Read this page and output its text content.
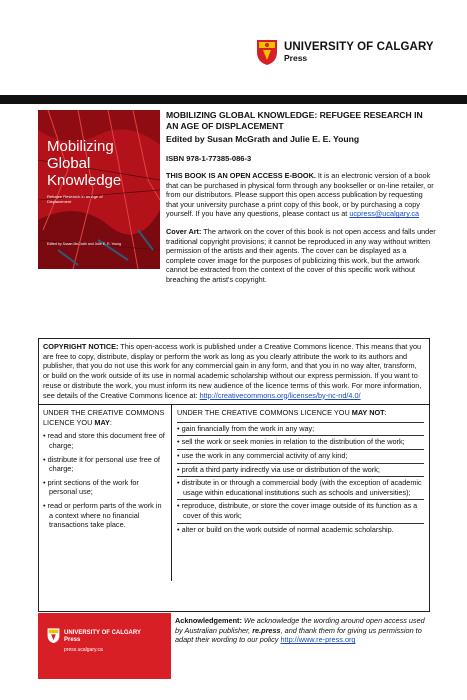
UNIVERSITY OF CALGARY
Press
Mobilizing
Global
Knowledge
Refugee Research in an Age of Displacement
Edited by Susan McGrath and Julie E. E. Young
MOBILIZING GLOBAL KNOWLEDGE: REFUGEE RESEARCH IN AN AGE OF DISPLACEMENT
Edited by Susan McGrath and Julie E. E. Young
ISBN 978-1-77385-086-3
THIS BOOK IS AN OPEN ACCESS E-BOOK. It is an electronic version of a book that can be purchased in physical form through any bookseller or on-line retailer, or from our distributors. Please support this open access publication by requesting that your university purchase a print copy of this book, or by purchasing a copy yourself. If you have any questions, please contact us at ucpress@ucalgary.ca
Cover Art: The artwork on the cover of this book is not open access and falls under traditional copyright provisions; it cannot be reproduced in any way without written permission of the artists and their agents. The cover can be displayed as a complete cover image for the purposes of publicizing this work, but the artwork cannot be extracted from the context of the cover of this specific work without breaching the artist's copyright.
COPYRIGHT NOTICE: This open-access work is published under a Creative Commons licence. This means that you are free to copy, distribute, display or perform the work as long as you clearly attribute the work to its authors and publisher, that you do not use this work for any commercial gain in any form, and that you in no way alter, transform, or build on the work outside of its use in normal academic scholarship without our express permission. If you want to reuse or distribute the work, you must inform its new audience of the licence terms of this work. For more information, see details of the Creative Commons licence at: http://creativecommons.org/licenses/by-nc-nd/4.0/
UNDER THE CREATIVE COMMONS LICENCE YOU MAY:
• read and store this document free of charge;
• distribute it for personal use free of charge;
• print sections of the work for personal use;
• read or perform parts of the work in a context where no financial transactions take place.
UNDER THE CREATIVE COMMONS LICENCE YOU MAY NOT:
• gain financially from the work in any way;
• sell the work or seek monies in relation to the distribution of the work;
• use the work in any commercial activity of any kind;
• profit a third party indirectly via use or distribution of the work;
• distribute in or through a commercial body (with the exception of academic usage within educational institutions such as schools and universities);
• reproduce, distribute, or store the cover image outside of its function as a cover of this work;
• alter or build on the work outside of normal academic scholarship.
UNIVERSITY OF CALGARY
Press
press.ucalgary.ca
Acknowledgement: We acknowledge the wording around open access used by Australian publisher, re.press, and thank them for giving us permission to adapt their wording to our policy http://www.re-press.org
